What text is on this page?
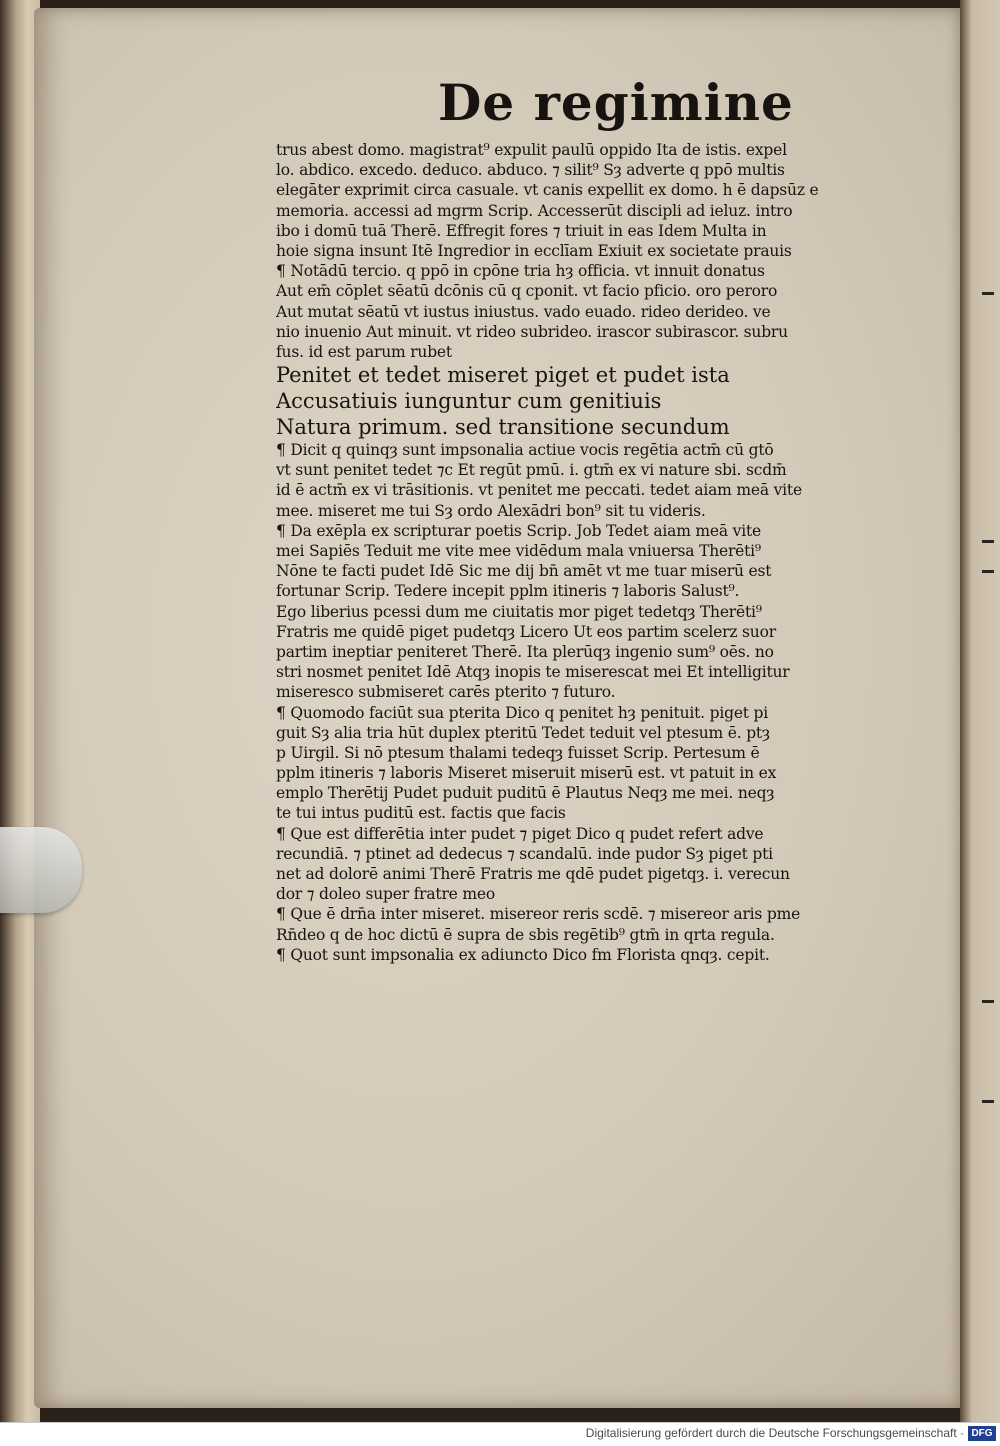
De regimine
trus abest domo. magistrat⁹ expulit paulū oppido Ita de istis. expel
lo. abdico. excedo. deduco. abduco. ⁊ silit⁹ Sȝ adverte q ppō multis
elegāter exprimit circa casuale. vt canis expellit ex domo. h ē dapsūz e
memoria. accessi ad mgrm Scrip. Accesserūt discipli ad ieluz. intro
ibo i domū tuā Therē. Effregit fores ⁊ triuit in eas Idem Multa in
hoie signa insunt Itē Ingredior in ecclīam Exiuit ex societate prauis
¶ Notādū tercio. q ppō in cpōne tria hȝ officia. vt innuit donatus
Aut em̄ cōplet sēatū dcōnis cū q cponit. vt facio pficio. oro peroro
Aut mutat sēatū vt iustus iniustus. vado euado. rideo derideo. ve
nio inuenio Aut minuit. vt rideo subrideo. irascor subirascor. subru
fus. id est parum rubet
Penitet et tedet miseret piget et pudet ista
Accusatiuis iunguntur cum genitiuis
Natura primum. sed transitione secundum
¶ Dicit q quinqȝ sunt impsonalia actiue vocis regētia actm̄ cū gtō
vt sunt penitet tedet ⁊c Et regūt pmū. i. gtm̄ ex vi nature sbi. scdm̄
id ē actm̄ ex vi trāsitionis. vt penitet me peccati. tedet aiam meā vite
mee. miseret me tui Sȝ ordo Alexādri bon⁹ sit tu videris.
¶ Da exēpla ex scripturar poetis Scrip. Job Tedet aiam meā vite
mei Sapiēs Teduit me vite mee vidēdum mala vniuersa Therēti⁹
Nōne te facti pudet Idē Sic me dij bn̄ amēt vt me tuar miserū est
fortunar Scrip. Tedere incepit pplm itineris ⁊ laboris Salust⁹.
Ego liberius pcessi dum me ciuitatis mor piget tedetqȝ Therēti⁹
Fratris me quidē piget pudetqȝ Licero Ut eos partim scelerz suor
partim ineptiar peniteret Therē. Ita plerūqȝ ingenio sum⁹ oēs. no
stri nosmet penitet Idē Atqȝ inopis te miserescat mei Et intelligitur
miseresco submiseret carēs pterito ⁊ futuro.
¶ Quomodo faciūt sua pterita Dico q penitet hȝ penituit. piget pi
guit Sȝ alia tria hūt duplex pteritū Tedet teduit vel ptesum ē. ptȝ
p Uirgil. Si nō ptesum thalami tedeqȝ fuisset Scrip. Pertesum ē
pplm itineris ⁊ laboris Miseret miseruit miserū est. vt patuit in ex
emplo Therētij Pudet puduit puditū ē Plautus Neqȝ me mei. neqȝ
te tui intus puditū est. factis que facis
¶ Que est differētia inter pudet ⁊ piget Dico q pudet refert adve
recundiā. ⁊ ptinet ad dedecus ⁊ scandalū. inde pudor Sȝ piget pti
net ad dolorē animi Therē Fratris me qdē pudet pigetqȝ. i. verecun
dor ⁊ doleo super fratre meo
¶ Que ē drn̄a inter miseret. misereor reris scdē. ⁊ misereor aris pme
Rn̄deo q de hoc dictū ē supra de sbis regētib⁹ gtm̄ in qrta regula.
¶ Quot sunt impsonalia ex adiuncto Dico fm Florista qnqȝ. cepit.
Digitalisierung gefördert durch die Deutsche Forschungsgemeinschaft · DFG
